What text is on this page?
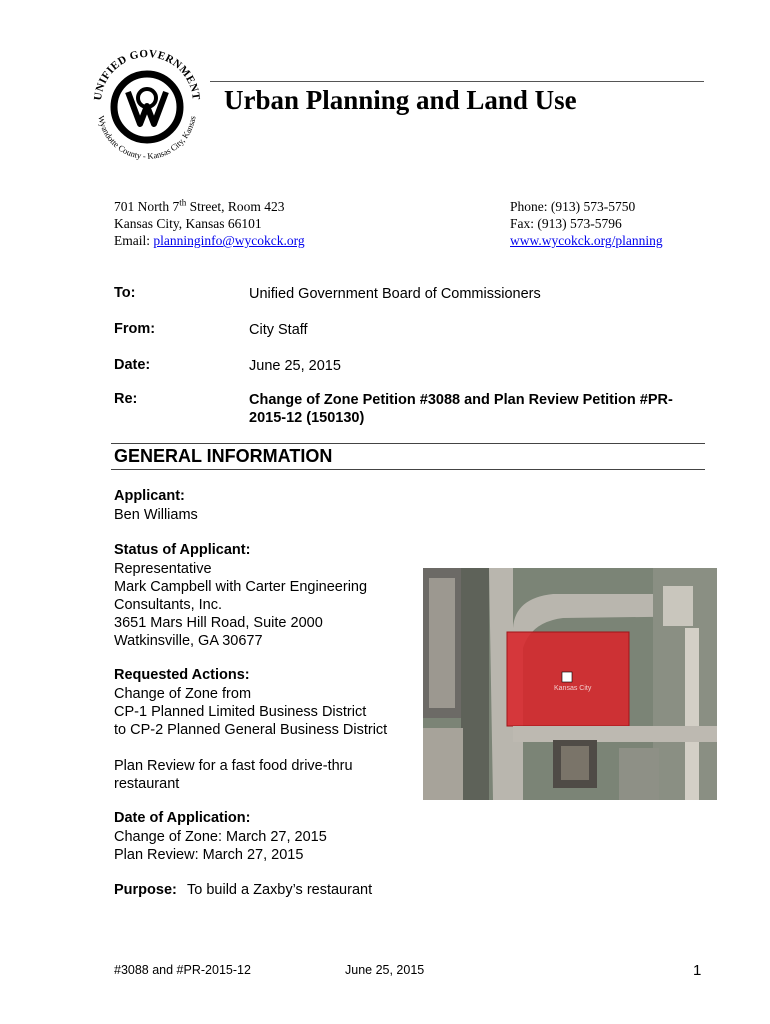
UNIFIED GOVERNMENT
Wyandotte County - Kansas City, Kansas
Urban Planning and Land Use
701 North 7th Street, Room 423
Kansas City, Kansas 66101
Email: planninginfo@wycokck.org
Phone: (913) 573-5750
Fax: (913) 573-5796
www.wycokck.org/planning
To:	Unified Government Board of Commissioners
From:	City Staff
Date:	June 25, 2015
Re:	Change of Zone Petition #3088 and Plan Review Petition #PR-2015-12 (150130)
GENERAL INFORMATION
Applicant:
Ben Williams
Status of Applicant:
Representative
Mark Campbell with Carter Engineering
Consultants, Inc.
3651 Mars Hill Road, Suite 2000
Watkinsville, GA 30677
Requested Actions:
Change of Zone from
CP-1 Planned Limited Business District
to CP-2 Planned General Business District
Plan Review for a fast food drive-thru
restaurant
Date of Application:
Change of Zone: March 27, 2015
Plan Review: March 27, 2015
Purpose: To build a Zaxby’s restaurant
Kansas City
#3088 and #PR-2015-12	June 25, 2015	1
